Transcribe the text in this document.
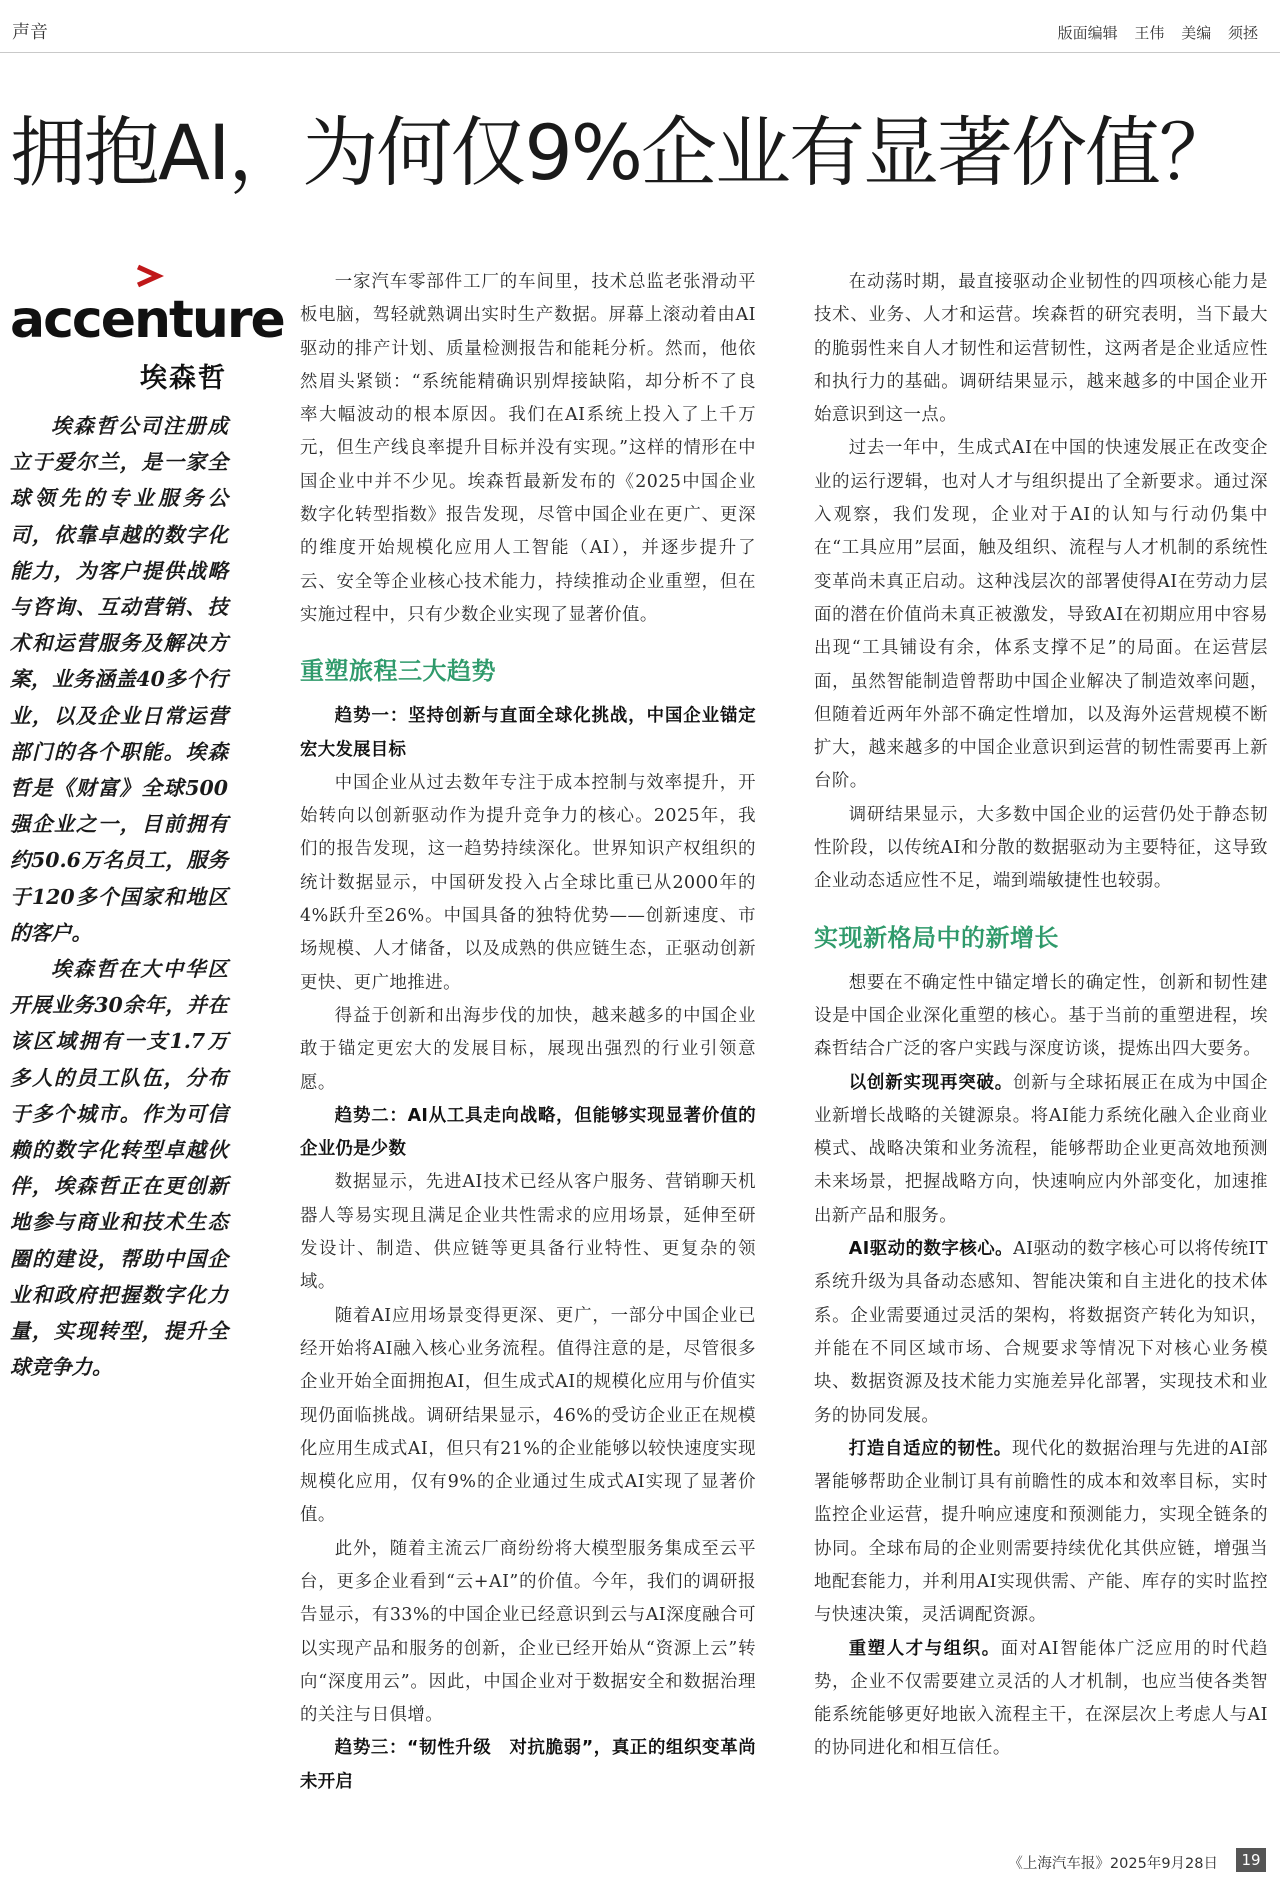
声音	版面编辑 王伟 美编 须拯
拥抱AI，为何仅9%企业有显著价值？
accenture
埃森哲

埃森哲公司注册成立于爱尔兰，是一家全球领先的专业服务公司，依靠卓越的数字化能力，为客户提供战略与咨询、互动营销、技术和运营服务及解决方案，业务涵盖40多个行业，以及企业日常运营部门的各个职能。埃森哲是《财富》全球500强企业之一，目前拥有约50.6万名员工，服务于120多个国家和地区的客户。

埃森哲在大中华区开展业务30余年，并在该区域拥有一支1.7万多人的员工队伍，分布于多个城市。作为可信赖的数字化转型卓越伙伴，埃森哲正在更创新地参与商业和技术生态圈的建设，帮助中国企业和政府把握数字化力量，实现转型，提升全球竞争力。

一家汽车零部件工厂的车间里，技术总监老张滑动平板电脑，驾轻就熟调出实时生产数据。屏幕上滚动着由AI驱动的排产计划、质量检测报告和能耗分析。然而，他依然眉头紧锁：“系统能精确识别焊接缺陷，却分析不了良率大幅波动的根本原因。我们在AI系统上投入了上千万元，但生产线良率提升目标并没有实现。”这样的情形在中国企业中并不少见。埃森哲最新发布的《2025中国企业数字化转型指数》报告发现，尽管中国企业在更广、更深的维度开始规模化应用人工智能（AI），并逐步提升了云、安全等企业核心技术能力，持续推动企业重塑，但在实施过程中，只有少数企业实现了显著价值。

重塑旅程三大趋势

趋势一：坚持创新与直面全球化挑战，中国企业锚定宏大发展目标

中国企业从过去数年专注于成本控制与效率提升，开始转向以创新驱动作为提升竞争力的核心。2025年，我们的报告发现，这一趋势持续深化。世界知识产权组织的统计数据显示，中国研发投入占全球比重已从2000年的4%跃升至26%。中国具备的独特优势——创新速度、市场规模、人才储备，以及成熟的供应链生态，正驱动创新更快、更广地推进。

得益于创新和出海步伐的加快，越来越多的中国企业敢于锚定更宏大的发展目标，展现出强烈的行业引领意愿。

趋势二：AI从工具走向战略，但能够实现显著价值的企业仍是少数

数据显示，先进AI技术已经从客户服务、营销聊天机器人等易实现且满足企业共性需求的应用场景，延伸至研发设计、制造、供应链等更具备行业特性、更复杂的领域。

随着AI应用场景变得更深、更广，一部分中国企业已经开始将AI融入核心业务流程。值得注意的是，尽管很多企业开始全面拥抱AI，但生成式AI的规模化应用与价值实现仍面临挑战。调研结果显示，46%的受访企业正在规模化应用生成式AI，但只有21%的企业能够以较快速度实现规模化应用，仅有9%的企业通过生成式AI实现了显著价值。

此外，随着主流云厂商纷纷将大模型服务集成至云平台，更多企业看到“云+AI”的价值。今年，我们的调研报告显示，有33%的中国企业已经意识到云与AI深度融合可以实现产品和服务的创新，企业已经开始从“资源上云”转向“深度用云”。因此，中国企业对于数据安全和数据治理的关注与日俱增。

趋势三：“韧性升级　对抗脆弱”，真正的组织变革尚未开启

在动荡时期，最直接驱动企业韧性的四项核心能力是技术、业务、人才和运营。埃森哲的研究表明，当下最大的脆弱性来自人才韧性和运营韧性，这两者是企业适应性和执行力的基础。调研结果显示，越来越多的中国企业开始意识到这一点。

过去一年中，生成式AI在中国的快速发展正在改变企业的运行逻辑，也对人才与组织提出了全新要求。通过深入观察，我们发现，企业对于AI的认知与行动仍集中在“工具应用”层面，触及组织、流程与人才机制的系统性变革尚未真正启动。这种浅层次的部署使得AI在劳动力层面的潜在价值尚未真正被激发，导致AI在初期应用中容易出现“工具铺设有余，体系支撑不足”的局面。在运营层面，虽然智能制造曾帮助中国企业解决了制造效率问题，但随着近两年外部不确定性增加，以及海外运营规模不断扩大，越来越多的中国企业意识到运营的韧性需要再上新台阶。

调研结果显示，大多数中国企业的运营仍处于静态韧性阶段，以传统AI和分散的数据驱动为主要特征，这导致企业动态适应性不足，端到端敏捷性也较弱。

实现新格局中的新增长

想要在不确定性中锚定增长的确定性，创新和韧性建设是中国企业深化重塑的核心。基于当前的重塑进程，埃森哲结合广泛的客户实践与深度访谈，提炼出四大要务。

以创新实现再突破。创新与全球拓展正在成为中国企业新增长战略的关键源泉。将AI能力系统化融入企业商业模式、战略决策和业务流程，能够帮助企业更高效地预测未来场景，把握战略方向，快速响应内外部变化，加速推出新产品和服务。

AI驱动的数字核心。AI驱动的数字核心可以将传统IT系统升级为具备动态感知、智能决策和自主进化的技术体系。企业需要通过灵活的架构，将数据资产转化为知识，并能在不同区域市场、合规要求等情况下对核心业务模块、数据资源及技术能力实施差异化部署，实现技术和业务的协同发展。

打造自适应的韧性。现代化的数据治理与先进的AI部署能够帮助企业制订具有前瞻性的成本和效率目标，实时监控企业运营，提升响应速度和预测能力，实现全链条的协同。全球布局的企业则需要持续优化其供应链，增强当地配套能力，并利用AI实现供需、产能、库存的实时监控与快速决策，灵活调配资源。

重塑人才与组织。面对AI智能体广泛应用的时代趋势，企业不仅需要建立灵活的人才机制，也应当使各类智能系统能够更好地嵌入流程主干，在深层次上考虑人与AI的协同进化和相互信任。

《上海汽车报》2025年9月28日	19
